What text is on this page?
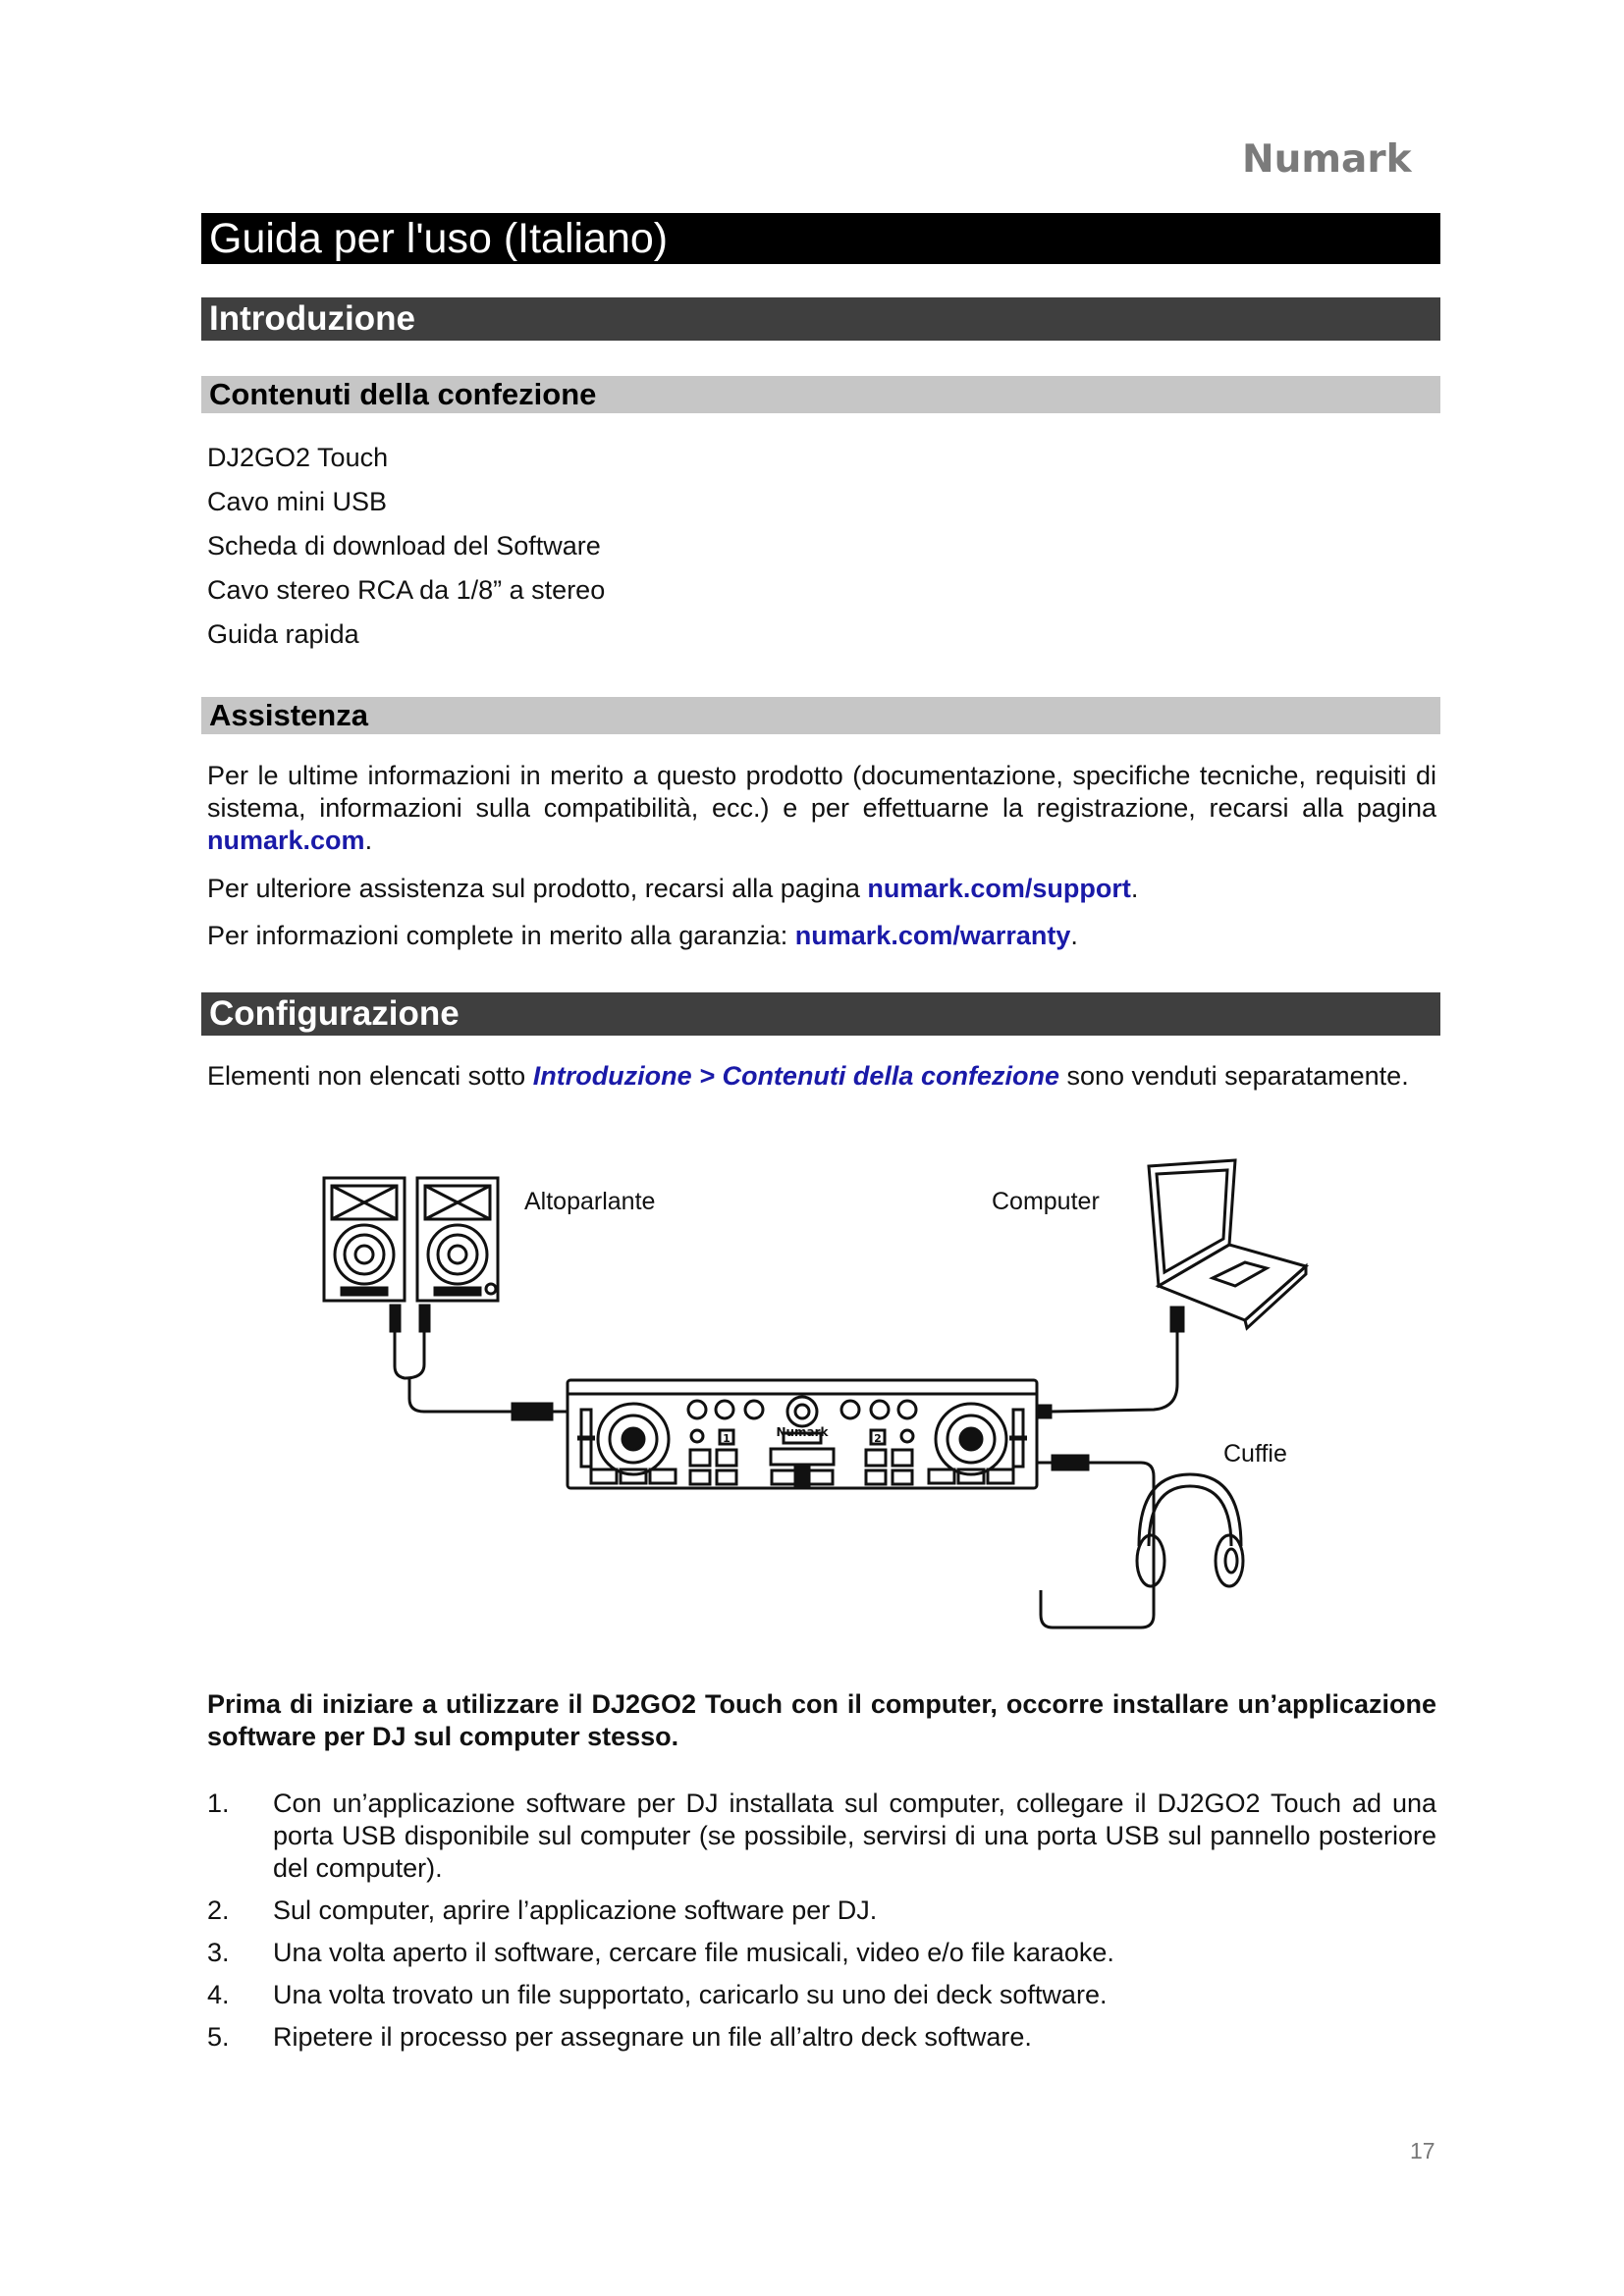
Numark
Guida per l'uso (Italiano)
Introduzione
Contenuti della confezione
DJ2GO2 Touch
Cavo mini USB
Scheda di download del Software
Cavo stereo RCA da 1/8” a stereo
Guida rapida
Assistenza

Per le ultime informazioni in merito a questo prodotto (documentazione, specifiche tecniche, requisiti di sistema, informazioni sulla compatibilità, ecc.) e per effettuarne la registrazione, recarsi alla pagina numark.com.

Per ulteriore assistenza sul prodotto, recarsi alla pagina numark.com/support.

Per informazioni complete in merito alla garanzia: numark.com/warranty.

Configurazione

Elementi non elencati sotto Introduzione > Contenuti della confezione sono venduti separatamente.

Numark
1	2
Altoparlante	Computer
Cuffie

Prima di iniziare a utilizzare il DJ2GO2 Touch con il computer, occorre installare un’applicazione software per DJ sul computer stesso.

1. Con un’applicazione software per DJ installata sul computer, collegare il DJ2GO2 Touch ad una porta USB disponibile sul computer (se possibile, servirsi di una porta USB sul pannello posteriore del computer).
2. Sul computer, aprire l’applicazione software per DJ.
3. Una volta aperto il software, cercare file musicali, video e/o file karaoke.
4. Una volta trovato un file supportato, caricarlo su uno dei deck software.
5. Ripetere il processo per assegnare un file all’altro deck software.
17
